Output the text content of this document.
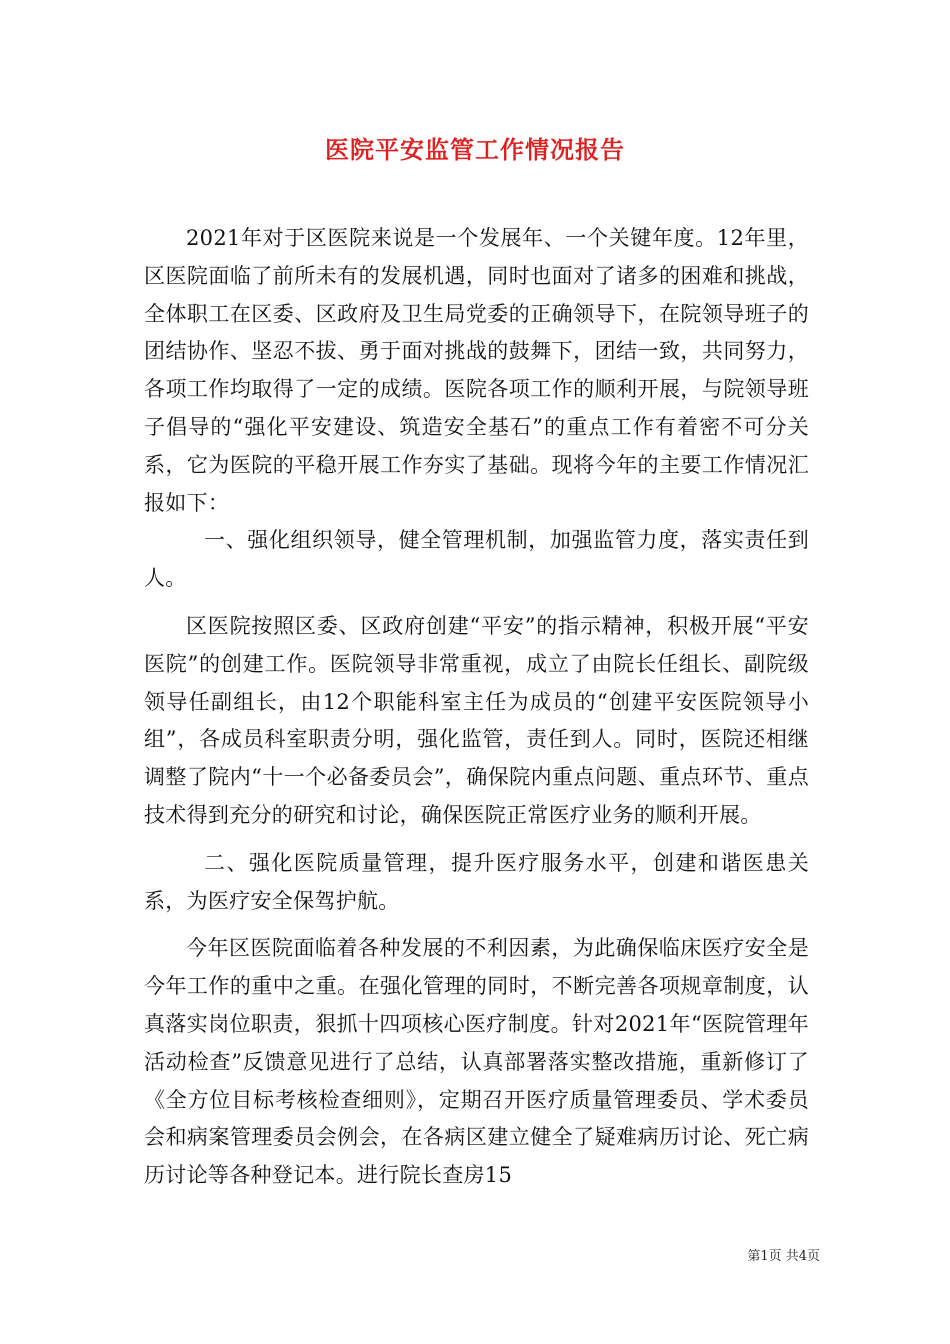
医院平安监管工作情况报告

2021年对于区医院来说是一个发展年、一个关键年度。12年里，区医院面临了前所未有的发展机遇，同时也面对了诸多的困难和挑战，全体职工在区委、区政府及卫生局党委的正确领导下，在院领导班子的团结协作、坚忍不拔、勇于面对挑战的鼓舞下，团结一致，共同努力，各项工作均取得了一定的成绩。医院各项工作的顺利开展，与院领导班子倡导的“强化平安建设、筑造安全基石”的重点工作有着密不可分关系，它为医院的平稳开展工作夯实了基础。现将今年的主要工作情况汇报如下：

一、强化组织领导，健全管理机制，加强监管力度，落实责任到人。

区医院按照区委、区政府创建“平安”的指示精神，积极开展“平安医院”的创建工作。医院领导非常重视，成立了由院长任组长、副院级领导任副组长，由12个职能科室主任为成员的“创建平安医院领导小组”，各成员科室职责分明，强化监管，责任到人。同时，医院还相继调整了院内“十一个必备委员会”，确保院内重点问题、重点环节、重点技术得到充分的研究和讨论，确保医院正常医疗业务的顺利开展。

二、强化医院质量管理，提升医疗服务水平，创建和谐医患关系，为医疗安全保驾护航。

今年区医院面临着各种发展的不利因素，为此确保临床医疗安全是今年工作的重中之重。在强化管理的同时，不断完善各项规章制度，认真落实岗位职责，狠抓十四项核心医疗制度。针对2021年“医院管理年活动检查”反馈意见进行了总结，认真部署落实整改措施，重新修订了《全方位目标考核检查细则》，定期召开医疗质量管理委员、学术委员会和病案管理委员会例会，在各病区建立健全了疑难病历讨论、死亡病历讨论等各种登记本。进行院长查房15

第1页 共4页
